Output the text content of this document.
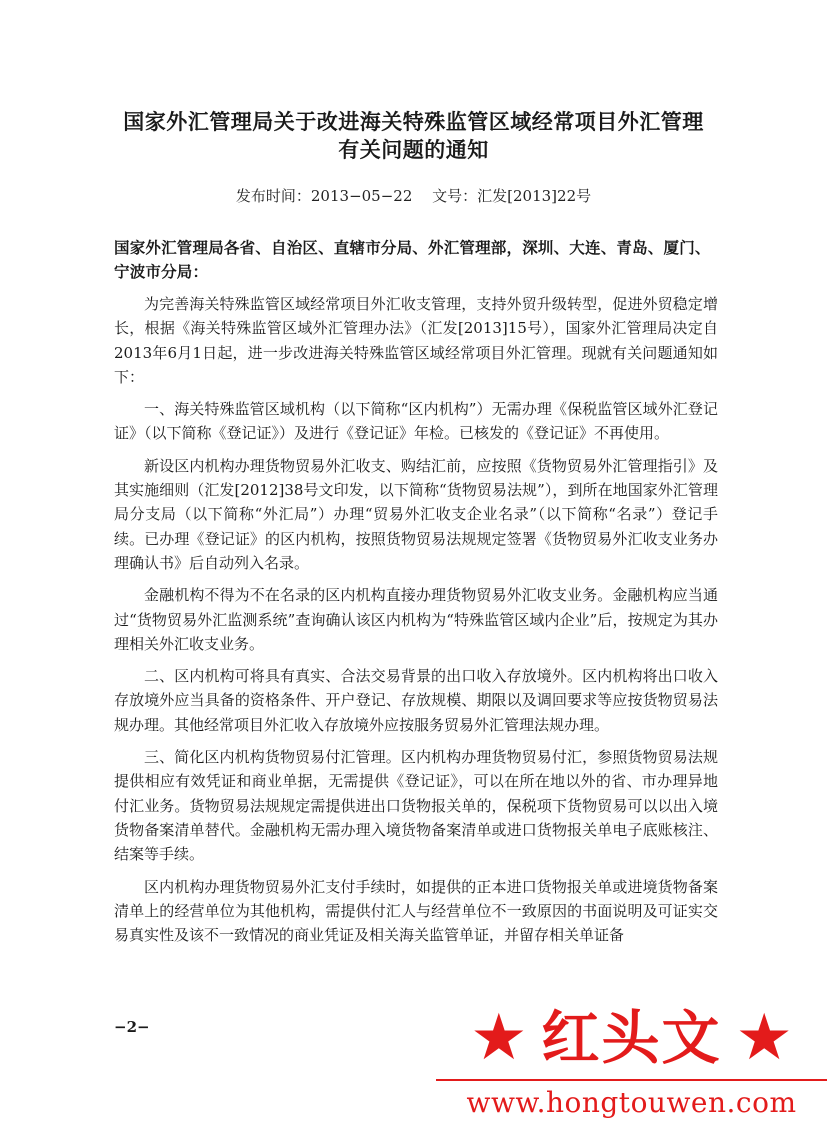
国家外汇管理局关于改进海关特殊监管区域经常项目外汇管理
有关问题的通知
发布时间：2013−05−22　 文号：汇发[2013]22号
国家外汇管理局各省、自治区、直辖市分局、外汇管理部，深圳、大连、青岛、厦门、宁波市分局：

为完善海关特殊监管区域经常项目外汇收支管理，支持外贸升级转型，促进外贸稳定增长，根据《海关特殊监管区域外汇管理办法》（汇发[2013]15号），国家外汇管理局决定自2013年6月1日起，进一步改进海关特殊监管区域经常项目外汇管理。现就有关问题通知如下：

一、海关特殊监管区域机构（以下简称“区内机构”）无需办理《保税监管区域外汇登记证》（以下简称《登记证》）及进行《登记证》年检。已核发的《登记证》不再使用。

新设区内机构办理货物贸易外汇收支、购结汇前，应按照《货物贸易外汇管理指引》及其实施细则（汇发[2012]38号文印发，以下简称“货物贸易法规”），到所在地国家外汇管理局分支局（以下简称“外汇局”）办理“贸易外汇收支企业名录”（以下简称“名录”）登记手续。已办理《登记证》的区内机构，按照货物贸易法规规定签署《货物贸易外汇收支业务办理确认书》后自动列入名录。

金融机构不得为不在名录的区内机构直接办理货物贸易外汇收支业务。金融机构应当通过“货物贸易外汇监测系统”查询确认该区内机构为“特殊监管区域内企业”后，按规定为其办理相关外汇收支业务。

二、区内机构可将具有真实、合法交易背景的出口收入存放境外。区内机构将出口收入存放境外应当具备的资格条件、开户登记、存放规模、期限以及调回要求等应按货物贸易法规办理。其他经常项目外汇收入存放境外应按服务贸易外汇管理法规办理。

三、简化区内机构货物贸易付汇管理。区内机构办理货物贸易付汇，参照货物贸易法规提供相应有效凭证和商业单据，无需提供《登记证》，可以在所在地以外的省、市办理异地付汇业务。货物贸易法规规定需提供进出口货物报关单的，保税项下货物贸易可以以出入境货物备案清单替代。金融机构无需办理入境货物备案清单或进口货物报关单电子底账核注、结案等手续。

区内机构办理货物贸易外汇支付手续时，如提供的正本进口货物报关单或进境货物备案清单上的经营单位为其他机构，需提供付汇人与经营单位不一致原因的书面说明及可证实交易真实性及该不一致情况的商业凭证及相关海关监管单证，并留存相关单证备

−2−	★ 红头文 ★
www.hongtouwen.com
